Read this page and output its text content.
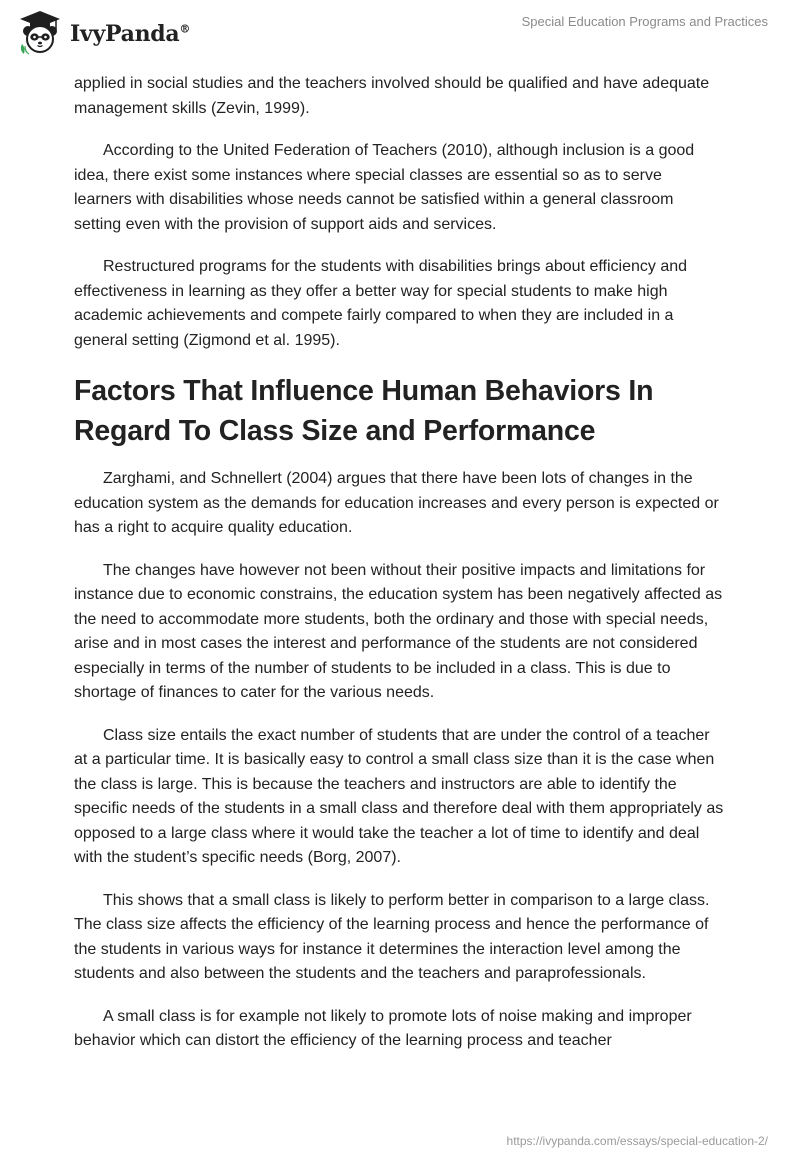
IvyPanda®
Special Education Programs and Practices

applied in social studies and the teachers involved should be qualified and have adequate management skills (Zevin, 1999).

According to the United Federation of Teachers (2010), although inclusion is a good idea, there exist some instances where special classes are essential so as to serve learners with disabilities whose needs cannot be satisfied within a general classroom setting even with the provision of support aids and services.

Restructured programs for the students with disabilities brings about efficiency and effectiveness in learning as they offer a better way for special students to make high academic achievements and compete fairly compared to when they are included in a general setting (Zigmond et al. 1995).

Factors That Influence Human Behaviors In Regard To Class Size and Performance

Zarghami, and Schnellert (2004) argues that there have been lots of changes in the education system as the demands for education increases and every person is expected or has a right to acquire quality education.

The changes have however not been without their positive impacts and limitations for instance due to economic constrains, the education system has been negatively affected as the need to accommodate more students, both the ordinary and those with special needs, arise and in most cases the interest and performance of the students are not considered especially in terms of the number of students to be included in a class. This is due to shortage of finances to cater for the various needs.

Class size entails the exact number of students that are under the control of a teacher at a particular time. It is basically easy to control a small class size than it is the case when the class is large. This is because the teachers and instructors are able to identify the specific needs of the students in a small class and therefore deal with them appropriately as opposed to a large class where it would take the teacher a lot of time to identify and deal with the student’s specific needs (Borg, 2007).

This shows that a small class is likely to perform better in comparison to a large class. The class size affects the efficiency of the learning process and hence the performance of the students in various ways for instance it determines the interaction level among the students and also between the students and the teachers and paraprofessionals.

A small class is for example not likely to promote lots of noise making and improper behavior which can distort the efficiency of the learning process and teacher

https://ivypanda.com/essays/special-education-2/
